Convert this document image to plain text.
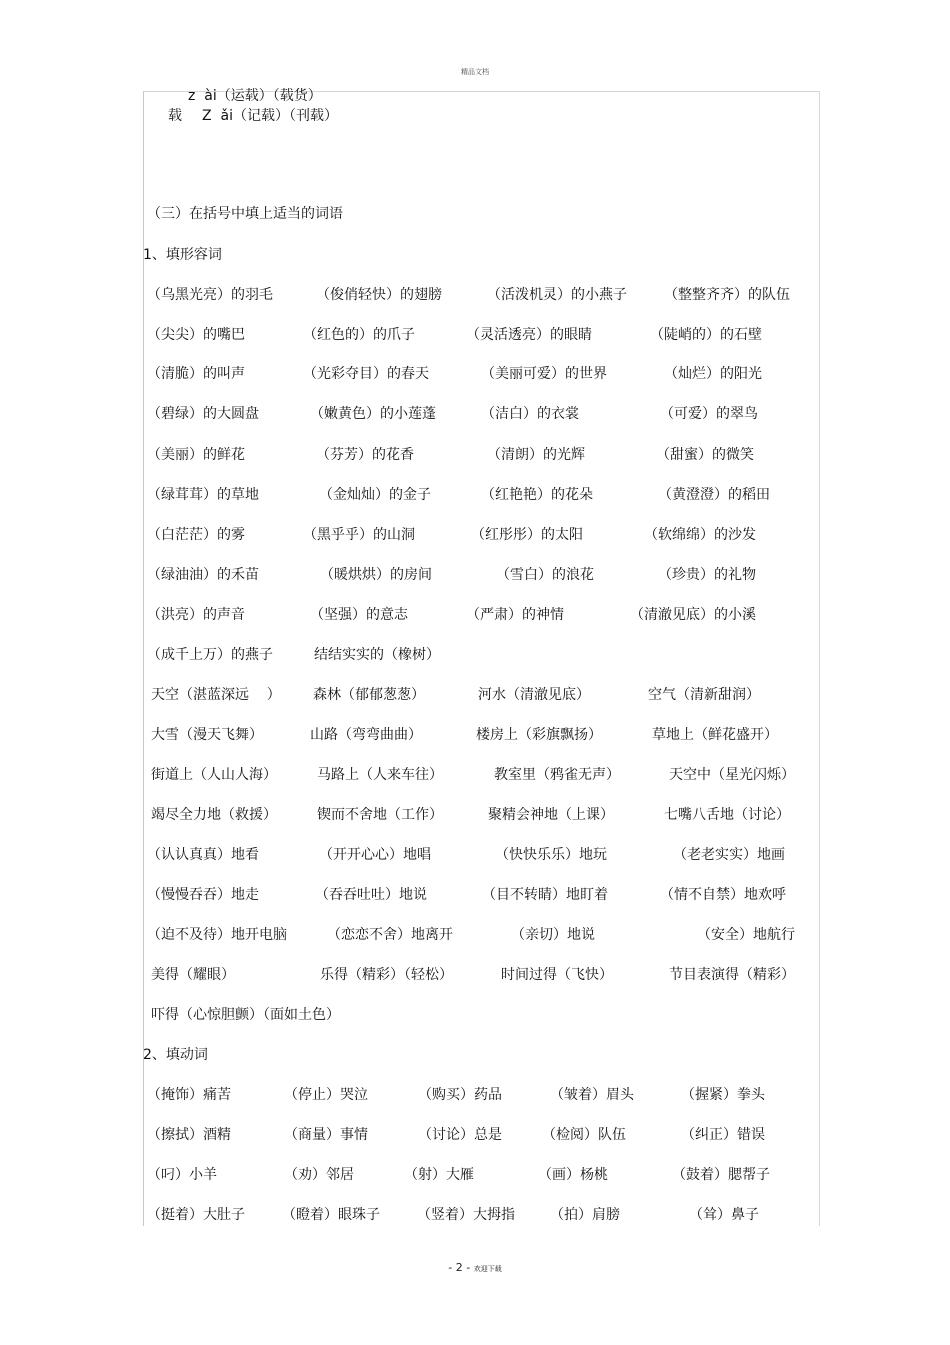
精品文档
z  ài（运载）（载货）
载 Z  ǎi（记载）（刊载）
（三）在括号中填上适当的词语
1、填形容词
（乌黑光亮）的羽毛	（俊俏轻快）的翅膀	（活泼机灵）的小燕子	（整整齐齐）的队伍
（尖尖）的嘴巴	（红色的）的爪子	（灵活透亮）的眼睛	（陡峭的）的石壁
（清脆）的叫声	（光彩夺目）的春天	（美丽可爱）的世界	（灿烂）的阳光
（碧绿）的大圆盘	（嫩黄色）的小莲蓬	（洁白）的衣裳	（可爱）的翠鸟
（美丽）的鲜花	（芬芳）的花香	（清朗）的光辉	（甜蜜）的微笑
（绿茸茸）的草地	（金灿灿）的金子	（红艳艳）的花朵	（黄澄澄）的稻田
（白茫茫）的雾	（黑乎乎）的山洞	（红彤彤）的太阳	（软绵绵）的沙发
（绿油油）的禾苗	（暖烘烘）的房间	（雪白）的浪花	（珍贵）的礼物
（洪亮）的声音	（坚强）的意志	（严肃）的神情	（清澈见底）的小溪
（成千上万）的燕子	结结实实的（橡树）
天空（湛蓝深远    ） 森林（郁郁葱葱）	河水（清澈见底）	空气（清新甜润）
大雪（漫天飞舞）	山路（弯弯曲曲）	楼房上（彩旗飘扬）	草地上（鲜花盛开）
街道上（人山人海）	马路上（人来车往）	教室里（鸦雀无声）	天空中（星光闪烁）
竭尽全力地（救援）	锲而不舍地（工作）	聚精会神地（上课）	七嘴八舌地（讨论）
（认认真真）地看	（开开心心）地唱	（快快乐乐）地玩	（老老实实）地画
（慢慢吞吞）地走	（吞吞吐吐）地说	（目不转睛）地盯着	（情不自禁）地欢呼
（迫不及待）地开电脑	（恋恋不舍）地离开	（亲切）地说	（安全）地航行
美得（耀眼）	乐得（精彩）（轻松）	时间过得（飞快）	节目表演得（精彩）
吓得（心惊胆颤）（面如土色）
2、填动词
（掩饰）痛苦	（停止）哭泣	（购买）药品	（皱着）眉头	（握紧）拳头
（擦拭）酒精	（商量）事情	（讨论）总是	（检阅）队伍	（纠正）错误
（叼）小羊	（劝）邻居	（射）大雁	（画）杨桃	（鼓着）腮帮子
（挺着）大肚子	（瞪着）眼珠子	（竖着）大拇指	（拍）肩膀	（耸）鼻子
- 2 - 欢迎下载
